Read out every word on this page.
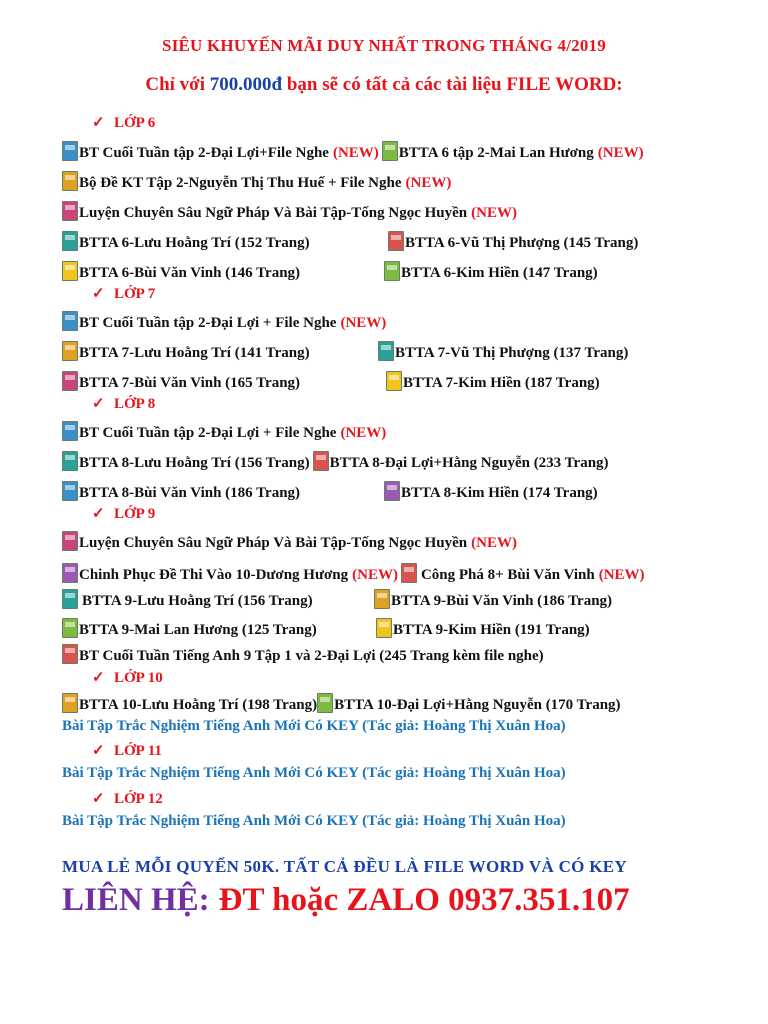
SIÊU KHUYẾN MÃI DUY NHẤT TRONG THÁNG 4/2019
Chỉ với 700.000đ bạn sẽ có tất cả các tài liệu FILE WORD:
✓ LỚP 6
BT Cuối Tuần tập 2-Đại Lợi+File Nghe (NEW) BTTA 6 tập 2-Mai Lan Hương (NEW)
Bộ Đề KT Tập 2-Nguyễn Thị Thu Huế + File Nghe (NEW)
Luyện Chuyên Sâu Ngữ Pháp Và Bài Tập-Tống Ngọc Huyền (NEW)
BTTA 6-Lưu Hoằng Trí (152 Trang)	BTTA 6-Vũ Thị Phượng (145 Trang)
BTTA 6-Bùi Văn Vinh (146 Trang)	BTTA 6-Kim Hiền (147 Trang)
✓ LỚP 7
BT Cuối Tuần tập 2-Đại Lợi + File Nghe (NEW)
BTTA 7-Lưu Hoằng Trí (141 Trang)	BTTA 7-Vũ Thị Phượng (137 Trang)
BTTA 7-Bùi Văn Vinh (165 Trang)	BTTA 7-Kim Hiền (187 Trang)
✓ LỚP 8
BT Cuối Tuần tập 2-Đại Lợi + File Nghe (NEW)
BTTA 8-Lưu Hoằng Trí (156 Trang) BTTA 8-Đại Lợi+Hằng Nguyễn (233 Trang)
BTTA 8-Bùi Văn Vinh (186 Trang)	BTTA 8-Kim Hiền (174 Trang)
✓ LỚP 9
Luyện Chuyên Sâu Ngữ Pháp Và Bài Tập-Tống Ngọc Huyền (NEW)
Chinh Phục Đề Thi Vào 10-Dương Hương (NEW) Công Phá 8+ Bùi Văn Vinh (NEW)
BTTA 9-Lưu Hoằng Trí (156 Trang)	BTTA 9-Bùi Văn Vinh (186 Trang)
BTTA 9-Mai Lan Hương (125 Trang)	BTTA 9-Kim Hiền (191 Trang)
BT Cuối Tuần Tiếng Anh 9 Tập 1 và 2-Đại Lợi (245 Trang kèm file nghe)
✓ LỚP 10
BTTA 10-Lưu Hoằng Trí (198 Trang) BTTA 10-Đại Lợi+Hằng Nguyễn (170 Trang)
Bài Tập Trắc Nghiệm Tiếng Anh Mới Có KEY (Tác giả: Hoàng Thị Xuân Hoa)
✓ LỚP 11
Bài Tập Trắc Nghiệm Tiếng Anh Mới Có KEY (Tác giả: Hoàng Thị Xuân Hoa)
✓ LỚP 12
Bài Tập Trắc Nghiệm Tiếng Anh Mới Có KEY (Tác giả: Hoàng Thị Xuân Hoa)
MUA LẺ MỖI QUYỂN 50K. TẤT CẢ ĐỀU LÀ FILE WORD VÀ CÓ KEY
LIÊN HỆ: ĐT hoặc ZALO 0937.351.107
